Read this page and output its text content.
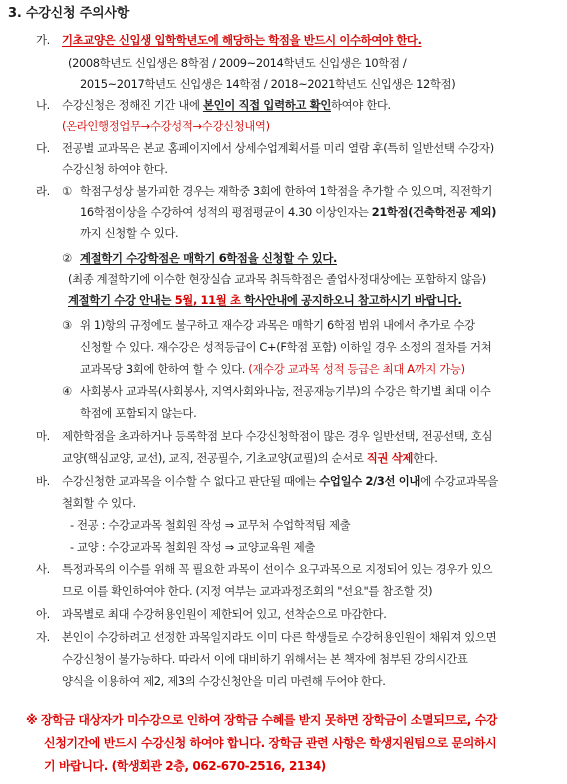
3. 수강신청 주의사항
가. 기초교양은 신입생 입학학년도에 해당하는 학점을 반드시 이수하여야 한다.
(2008학년도 신입생은 8학점 / 2009~2014학년도 신입생은 10학점 /
2015~2017학년도 신입생은 14학점 / 2018~2021학년도 신입생은 12학점)
나. 수강신청은 정해진 기간 내에 본인이 직접 입력하고 확인하여야 한다.
(온라인행정업무→수강성적→수강신청내역)
다. 전공별 교과목은 본교 홈페이지에서 상세수업계획서를 미리 열람 후(특히 일반선택 수강자)
수강신청 하여야 한다.
라. ① 학점구성상 불가피한 경우는 재학중 3회에 한하여 1학점을 추가할 수 있으며, 직전학기
16학점이상을 수강하여 성적의 평점평균이 4.30 이상인자는 21학점(건축학전공 제외)
까지 신청할 수 있다.
② 계절학기 수강학점은 매학기 6학점을 신청할 수 있다.
(최종 계절학기에 이수한 현장실습 교과목 취득학점은 졸업사정대상에는 포함하지 않음)
계절학기 수강 안내는 5월, 11월 초 학사안내에 공지하오니 참고하시기 바랍니다.
③ 위 1)항의 규정에도 불구하고 재수강 과목은 매학기 6학점 범위 내에서 추가로 수강
신청할 수 있다. 재수강은 성적등급이 C+(F학점 포함) 이하일 경우 소정의 절차를 거쳐
교과목당 3회에 한하여 할 수 있다. (재수강 교과목 성적 등급은 최대 A까지 가능)
④ 사회봉사 교과목(사회봉사, 지역사회와나눔, 전공재능기부)의 수강은 학기별 최대 이수
학점에 포함되지 않는다.
마. 제한학점을 초과하거나 등록학점 보다 수강신청학점이 많은 경우 일반선택, 전공선택, 호심
교양(핵심교양, 교선), 교직, 전공필수, 기초교양(교필)의 순서로 직권 삭제한다.
바. 수강신청한 교과목을 이수할 수 없다고 판단될 때에는 수업일수 2/3선 이내에 수강교과목을
철회할 수 있다.
- 전공 : 수강교과목 철회원 작성 ⇒ 교무처 수업학적팀 제출
- 교양 : 수강교과목 철회원 작성 ⇒ 교양교육원 제출
사. 특정과목의 이수를 위해 꼭 필요한 과목이 선이수 요구과목으로 지정되어 있는 경우가 있으
므로 이를 확인하여야 한다. (지정 여부는 교과과정조회의 "선요"를 참조할 것)
아. 과목별로 최대 수강허용인원이 제한되어 있고, 선착순으로 마감한다.
자. 본인이 수강하려고 선정한 과목일지라도 이미 다른 학생들로 수강허용인원이 채워져 있으면
수강신청이 불가능하다. 따라서 이에 대비하기 위해서는 본 책자에 첨부된 강의시간표
양식을 이용하여 제2, 제3의 수강신청안을 미리 마련해 두어야 한다.
※ 장학금 대상자가 미수강으로 인하여 장학금 수혜를 받지 못하면 장학금이 소멸되므로, 수강
신청기간에 반드시 수강신청 하여야 합니다. 장학금 관련 사항은 학생지원팀으로 문의하시
기 바랍니다. (학생회관 2층, 062-670-2516, 2134)
